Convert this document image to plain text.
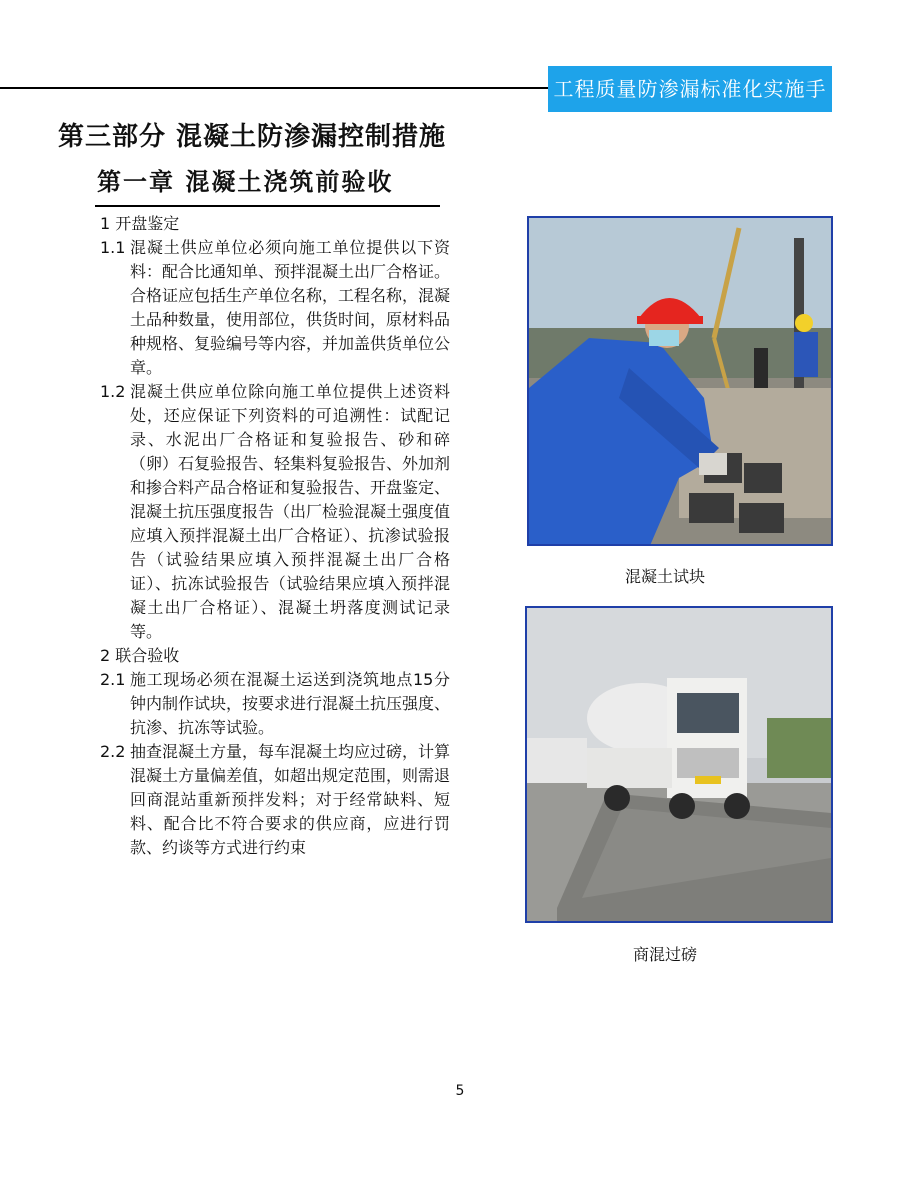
工程质量防渗漏标准化实施手册
第三部分 混凝土防渗漏控制措施
第一章 混凝土浇筑前验收

1 开盘鉴定

1.1 混凝土供应单位必须向施工单位提供以下资料：配合比通知单、预拌混凝土出厂合格证。合格证应包括生产单位名称，工程名称，混凝土品种数量，使用部位，供货时间，原材料品种规格、复验编号等内容，并加盖供货单位公章。
1.2 混凝土供应单位除向施工单位提供上述资料处，还应保证下列资料的可追溯性：试配记录、水泥出厂合格证和复验报告、砂和碎（卵）石复验报告、轻集料复验报告、外加剂和掺合料产品合格证和复验报告、开盘鉴定、混凝土抗压强度报告（出厂检验混凝土强度值应填入预拌混凝土出厂合格证）、抗渗试验报告（试验结果应填入预拌混凝土出厂合格证）、抗冻试验报告（试验结果应填入预拌混凝土出厂合格证）、混凝土坍落度测试记录等。

2 联合验收

2.1 施工现场必须在混凝土运送到浇筑地点15分钟内制作试块，按要求进行混凝土抗压强度、抗渗、抗冻等试验。
2.2 抽查混凝土方量，每车混凝土均应过磅，计算混凝土方量偏差值，如超出规定范围，则需退回商混站重新预拌发料；对于经常缺料、短料、配合比不符合要求的供应商，应进行罚款、约谈等方式进行约束
混凝土试块
商混过磅
5
